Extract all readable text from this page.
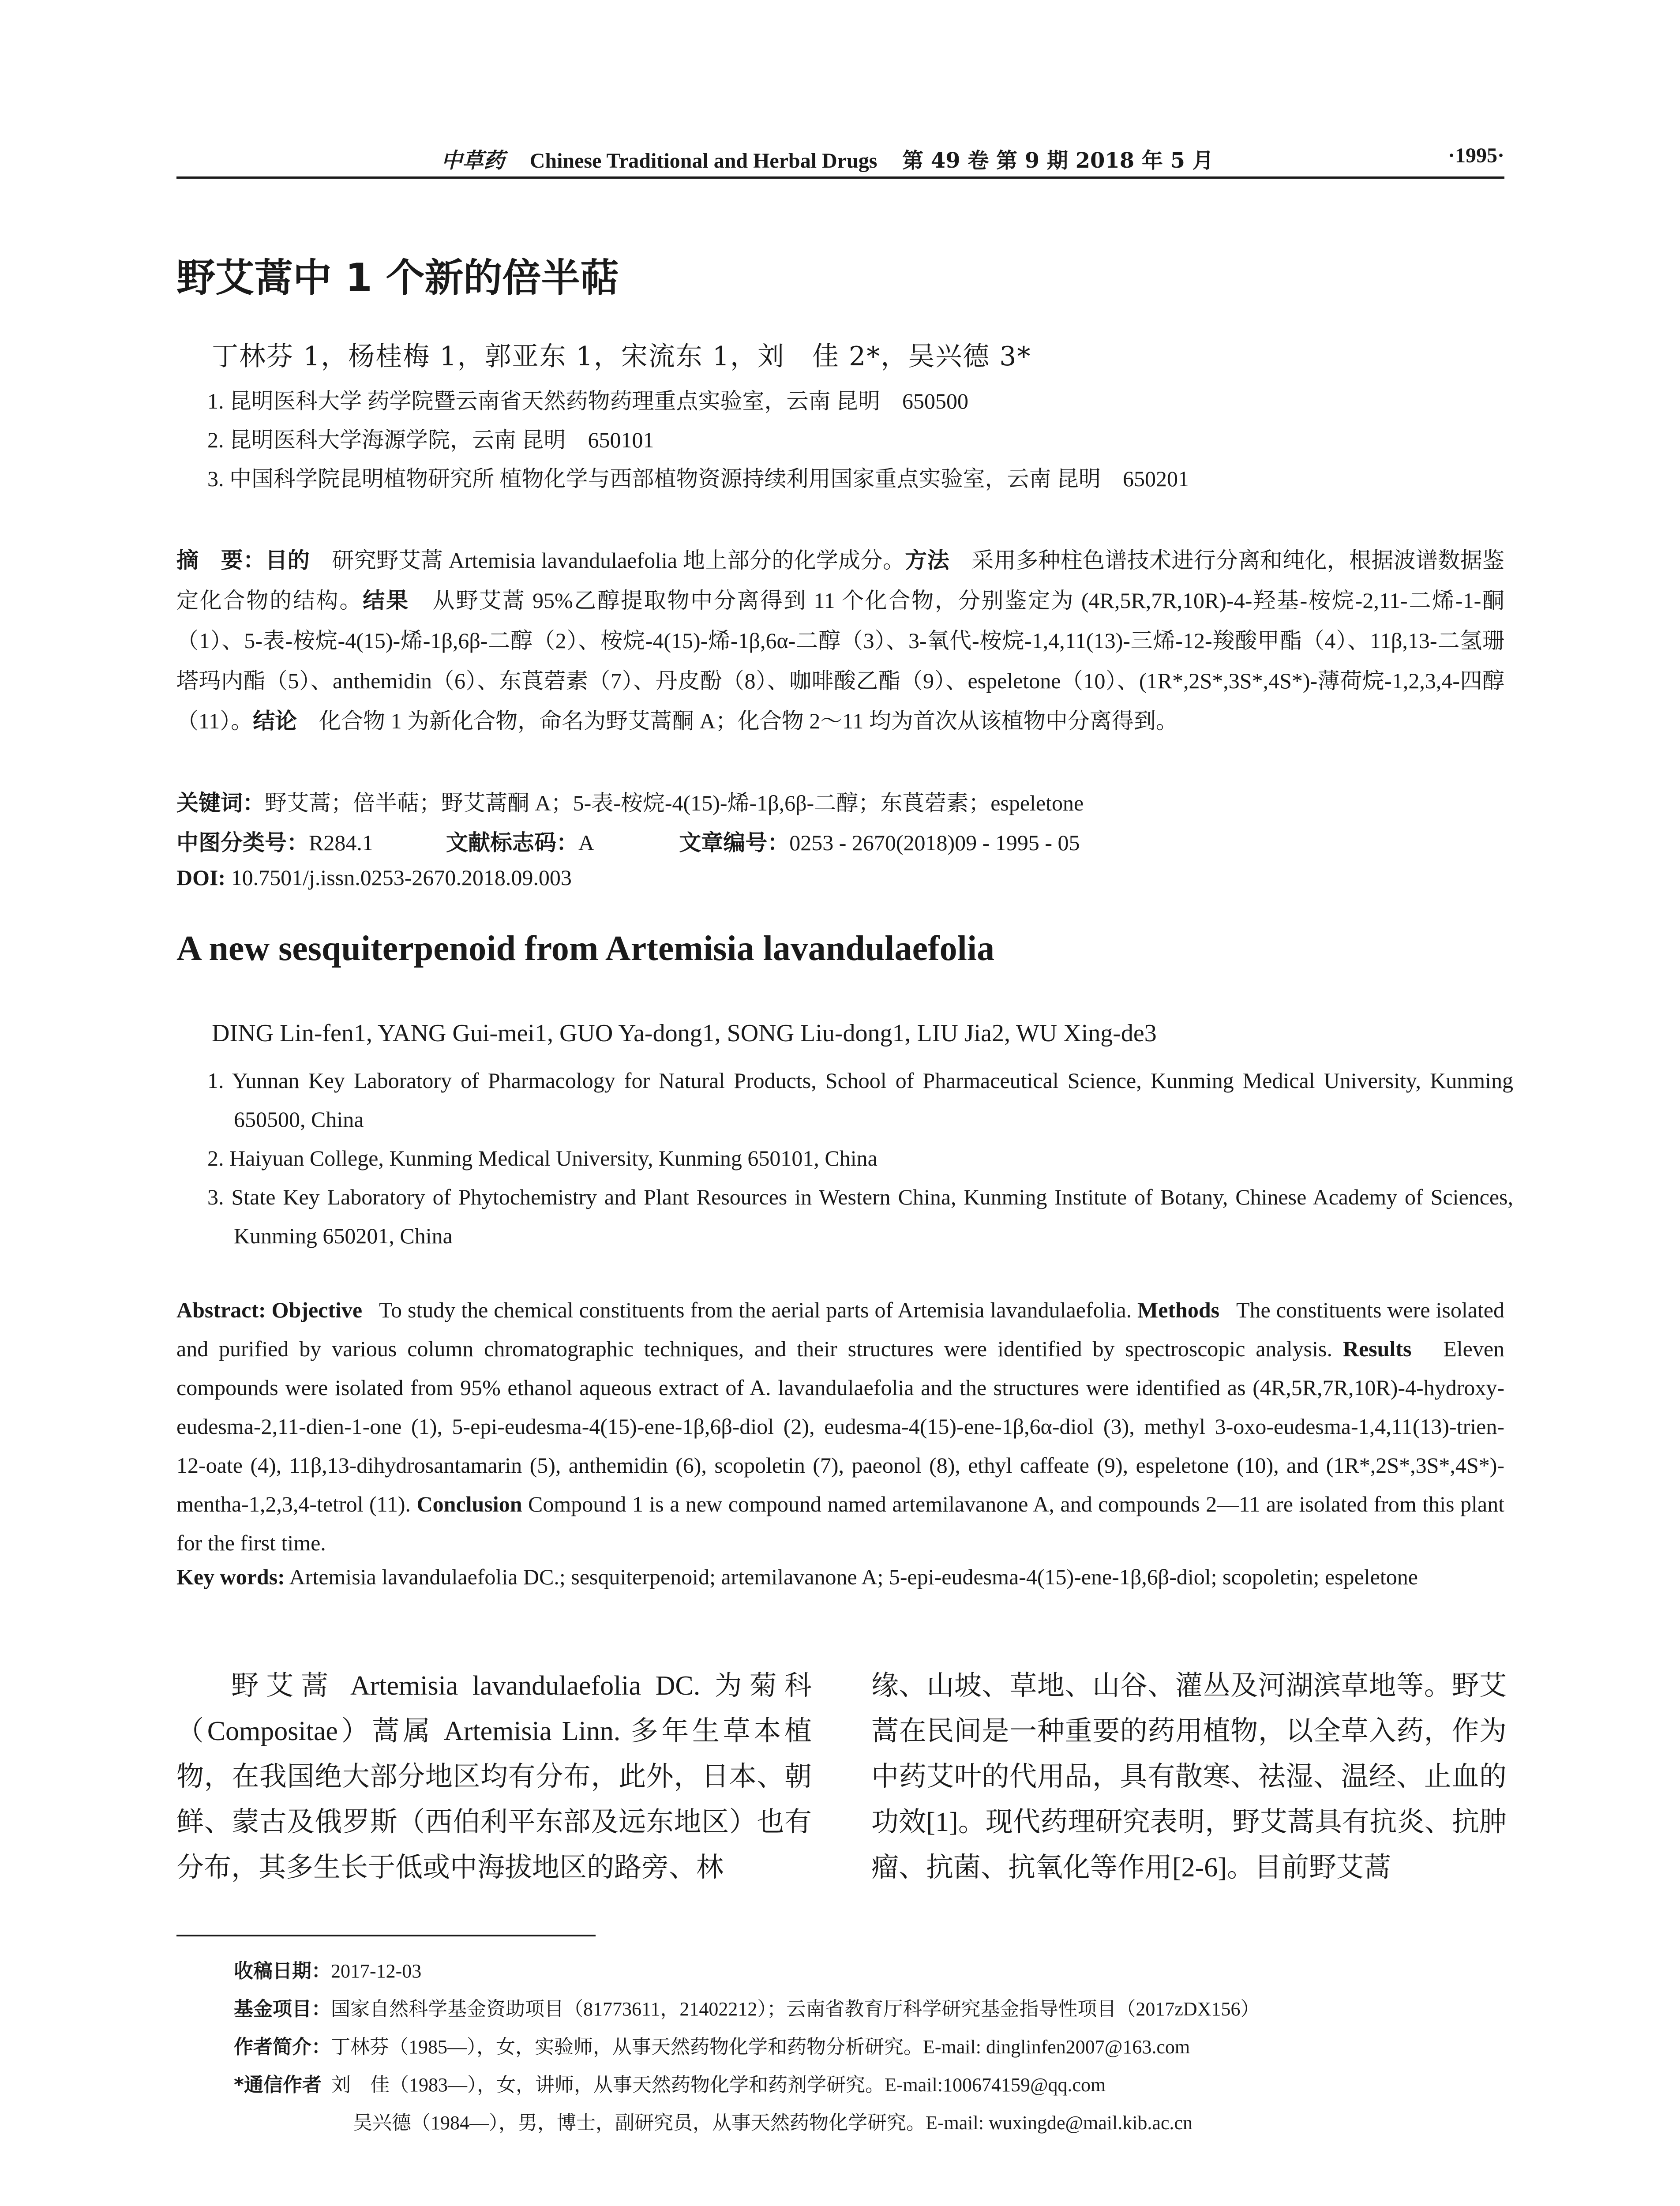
中草药 Chinese Traditional and Herbal Drugs 第 49 卷 第 9 期 2018 年 5 月	·1995·
野艾蒿中 1 个新的倍半萜
丁林芬 1，杨桂梅 1，郭亚东 1，宋流东 1，刘　佳 2*，吴兴德 3*
1. 昆明医科大学 药学院暨云南省天然药物药理重点实验室，云南 昆明　650500
2. 昆明医科大学海源学院，云南 昆明　650101
3. 中国科学院昆明植物研究所 植物化学与西部植物资源持续利用国家重点实验室，云南 昆明　650201
摘　要：目的　 研究野艾蒿 Artemisia lavandulaefolia 地上部分的化学成分。方法　 采用多种柱色谱技术进行分离和纯化，根据波谱数据鉴定化合物的结构。结果　 从野艾蒿 95%乙醇提取物中分离得到 11 个化合物，分别鉴定为 (4R,5R,7R,10R)-4-羟基-桉烷-2,11-二烯-1-酮（1）、5-表-桉烷-4(15)-烯-1β,6β-二醇（2）、桉烷-4(15)-烯-1β,6α-二醇（3）、3-氧代-桉烷-1,4,11(13)-三烯-12-羧酸甲酯（4）、11β,13-二氢珊塔玛内酯（5）、anthemidin（6）、东莨菪素（7）、丹皮酚（8）、咖啡酸乙酯（9）、espeletone（10）、(1R*,2S*,3S*,4S*)-薄荷烷-1,2,3,4-四醇（11）。结论　 化合物 1 为新化合物，命名为野艾蒿酮 A；化合物 2～11 均为首次从该植物中分离得到。
关键词：野艾蒿；倍半萜；野艾蒿酮 A；5-表-桉烷-4(15)-烯-1β,6β-二醇；东莨菪素；espeletone
中图分类号：R284.1	文献标志码：A	文章编号：0253 - 2670(2018)09 - 1995 - 05
DOI: 10.7501/j.issn.0253-2670.2018.09.003
A new sesquiterpenoid from Artemisia lavandulaefolia
DING Lin-fen1, YANG Gui-mei1, GUO Ya-dong1, SONG Liu-dong1, LIU Jia2, WU Xing-de3
1. Yunnan Key Laboratory of Pharmacology for Natural Products, School of Pharmaceutical Science, Kunming Medical University, Kunming 650500, China
2. Haiyuan College, Kunming Medical University, Kunming 650101, China
3. State Key Laboratory of Phytochemistry and Plant Resources in Western China, Kunming Institute of Botany, Chinese Academy of Sciences, Kunming 650201, China
Abstract: Objective To study the chemical constituents from the aerial parts of Artemisia lavandulaefolia. Methods The constituents were isolated and purified by various column chromatographic techniques, and their structures were identified by spectroscopic analysis. Results Eleven compounds were isolated from 95% ethanol aqueous extract of A. lavandulaefolia and the structures were identified as (4R,5R,7R,10R)-4-hydroxy-eudesma-2,11-dien-1-one (1), 5-epi-eudesma-4(15)-ene-1β,6β-diol (2), eudesma-4(15)-ene-1β,6α-diol (3), methyl 3-oxo-eudesma-1,4,11(13)-trien-12-oate (4), 11β,13-dihydrosantamarin (5), anthemidin (6), scopoletin (7), paeonol (8), ethyl caffeate (9), espeletone (10), and (1R*,2S*,3S*,4S*)-mentha-1,2,3,4-tetrol (11). Conclusion Compound 1 is a new compound named artemilavanone A, and compounds 2—11 are isolated from this plant for the first time.
Key words: Artemisia lavandulaefolia DC.; sesquiterpenoid; artemilavanone A; 5-epi-eudesma-4(15)-ene-1β,6β-diol; scopoletin; espeletone
野艾蒿 Artemisia lavandulaefolia DC. 为菊科（Compositae）蒿属 Artemisia Linn. 多年生草本植物，在我国绝大部分地区均有分布，此外，日本、朝鲜、蒙古及俄罗斯（西伯利平东部及远东地区）也有分布，其多生长于低或中海拔地区的路旁、林
缘、山坡、草地、山谷、灌丛及河湖滨草地等。野艾蒿在民间是一种重要的药用植物，以全草入药，作为中药艾叶的代用品，具有散寒、祛湿、温经、止血的功效[1]。现代药理研究表明，野艾蒿具有抗炎、抗肿瘤、抗菌、抗氧化等作用[2-6]。目前野艾蒿
收稿日期：2017-12-03
基金项目：国家自然科学基金资助项目（81773611，21402212）；云南省教育厅科学研究基金指导性项目（2017zDX156）
作者简介：丁林芬（1985—），女，实验师，从事天然药物化学和药物分析研究。E-mail: dinglinfen2007@163.com
*通信作者 刘　佳（1983—），女，讲师，从事天然药物化学和药剂学研究。E-mail:100674159@qq.com
吴兴德（1984—），男，博士，副研究员，从事天然药物化学研究。E-mail: wuxingde@mail.kib.ac.cn
